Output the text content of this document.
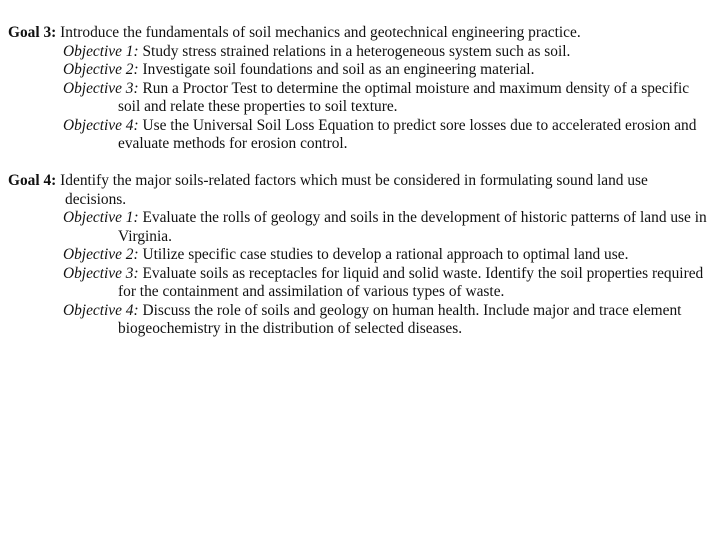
Goal 3: Introduce the fundamentals of soil mechanics and geotechnical engineering practice.
Objective 1: Study stress strained relations in a heterogeneous system such as soil.
Objective 2: Investigate soil foundations and soil as an engineering material.
Objective 3: Run a Proctor Test to determine the optimal moisture and maximum density of a specific soil and relate these properties to soil texture.
Objective 4: Use the Universal Soil Loss Equation to predict sore losses due to accelerated erosion and evaluate methods for erosion control.
Goal 4: Identify the major soils-related factors which must be considered in formulating sound land use decisions.
Objective 1: Evaluate the rolls of geology and soils in the development of historic patterns of land use in Virginia.
Objective 2: Utilize specific case studies to develop a rational approach to optimal land use.
Objective 3: Evaluate soils as receptacles for liquid and solid waste. Identify the soil properties required for the containment and assimilation of various types of waste.
Objective 4: Discuss the role of soils and geology on human health. Include major and trace element biogeochemistry in the distribution of selected diseases.
